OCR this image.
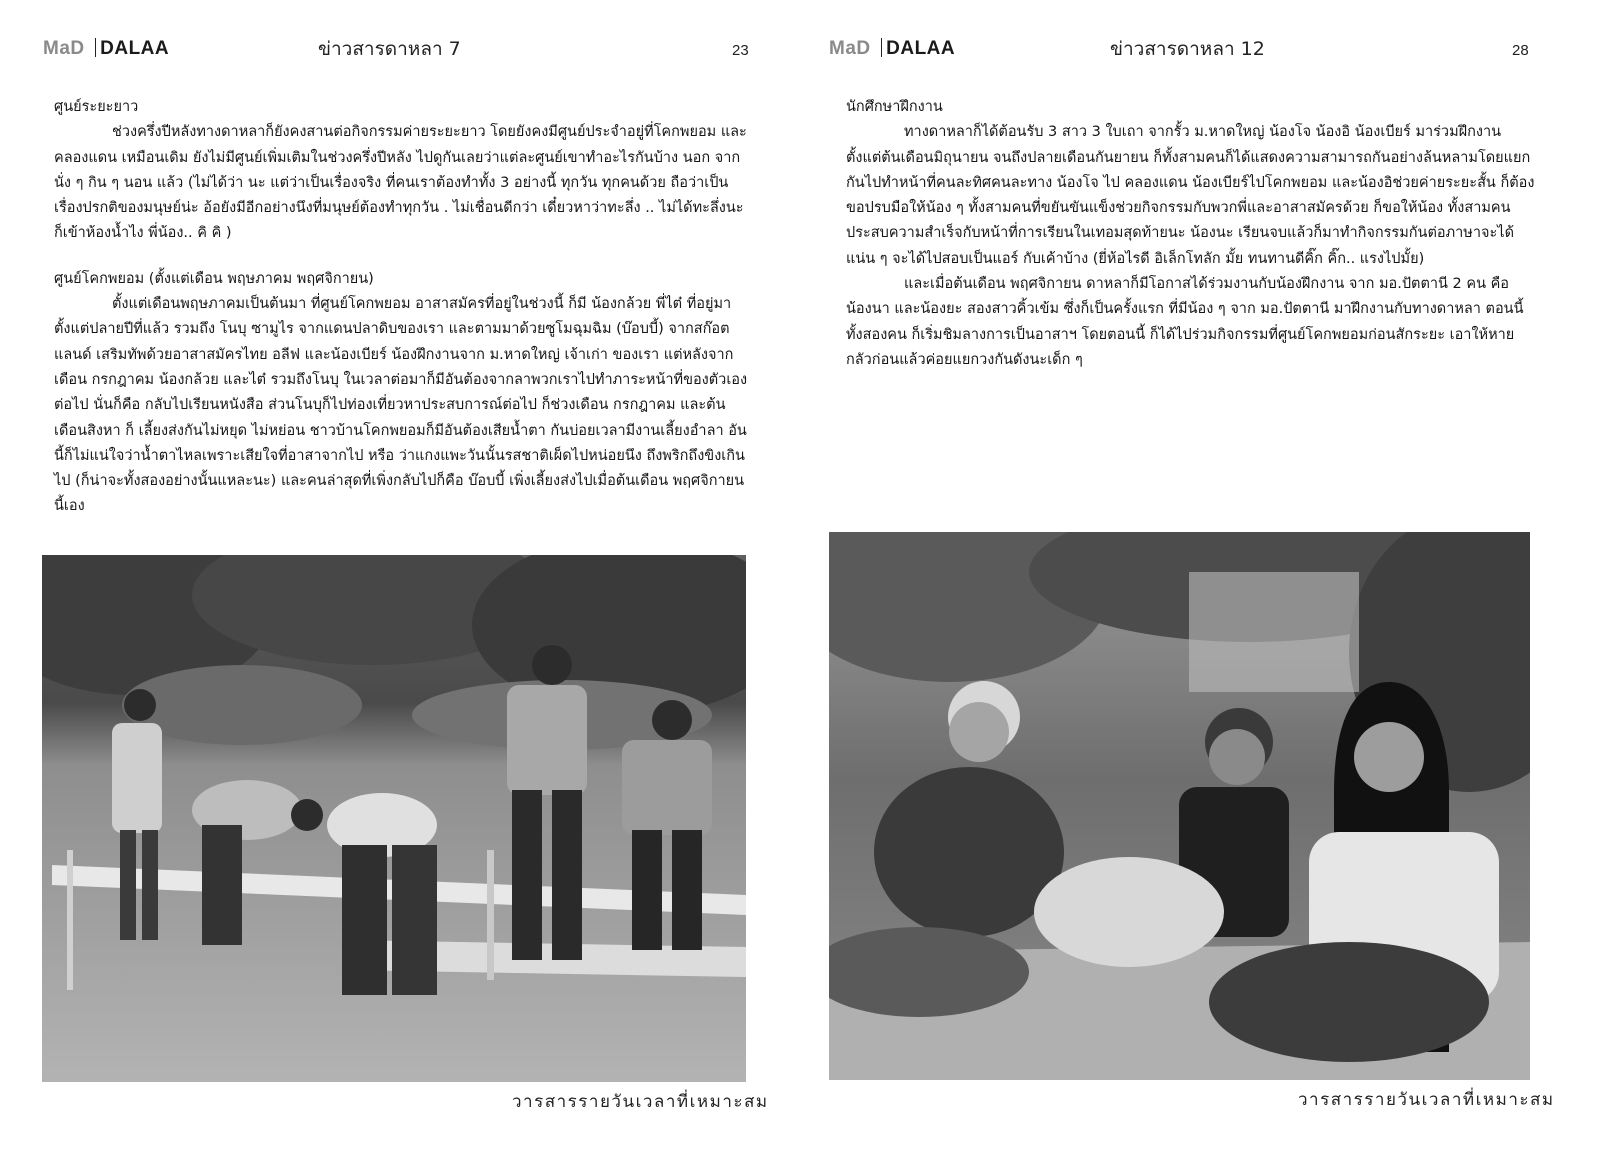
MaD DALAA	ข่าวสารดาหลา 7	23

ศูนย์ระยะยาว

ช่วงครึ่งปีหลังทางดาหลาก็ยังคงสานต่อกิจกรรมค่ายระยะยาว โดยยังคงมีศูนย์ประจำอยู่ที่โคกพยอม และคลองแดน เหมือนเดิม ยังไม่มีศูนย์เพิ่มเติมในช่วงครึ่งปีหลัง ไปดูกันเลยว่าแต่ละศูนย์เขาทำอะไรกันบ้าง นอก จาก นั่ง ๆ กิน ๆ นอน แล้ว (ไม่ได้ว่า นะ แต่ว่าเป็นเรื่องจริง ที่คนเราต้องทำทั้ง 3 อย่างนี้ ทุกวัน ทุกคนด้วย ถือว่าเป็นเรื่องปรกติของมนุษย์น่ะ อ้อยังมีอีกอย่างนึงที่มนุษย์ต้องทำทุกวัน . ไม่เชื่อนดีกว่า เดี๋ยวหาว่าทะลึ่ง .. ไม่ได้ทะลึ่งนะ ก็เข้าห้องน้ำไง พี่น้อง.. คิ คิ )

ศูนย์โคกพยอม (ตั้งแต่เดือน พฤษภาคม พฤศจิกายน)

ตั้งแต่เดือนพฤษภาคมเป็นต้นมา ที่ศูนย์โคกพยอม อาสาสมัครที่อยู่ในช่วงนี้ ก็มี น้องกล้วย พี่ไต๋ ที่อยู่มาตั้งแต่ปลายปีที่แล้ว รวมถึง โนบุ ซามูไร จากแดนปลาดิบของเรา และตามมาด้วยซูโมฉุมฉิม (บ๊อบบี้) จากสก๊อตแลนด์ เสริมทัพด้วยอาสาสมัครไทย อลีฟ และน้องเบียร์ น้องฝึกงานจาก ม.หาดใหญ่ เจ้าเก่า ของเรา แต่หลังจากเดือน กรกฎาคม น้องกล้วย และไต๋ รวมถึงโนบุ ในเวลาต่อมาก็มีอันต้องจากลาพวกเราไปทำภาระหน้าที่ของตัวเอง ต่อไป นั่นก็คือ กลับไปเรียนหนังสือ ส่วนโนบุก็ไปท่องเที่ยวหาประสบการณ์ต่อไป ก็ช่วงเดือน กรกฎาคม และต้นเดือนสิงหา ก็ เลี้ยงส่งกันไม่หยุด ไม่หย่อน ชาวบ้านโคกพยอมก็มีอันต้องเสียน้ำตา กันบ่อยเวลามีงานเลี้ยงอำลา อันนี้ก็ไม่แน่ใจว่าน้ำตาไหลเพราะเสียใจที่อาสาจากไป หรือ ว่าแกงแพะวันนั้นรสชาติเผ็ดไปหน่อยนึง ถึงพริกถึงขิงเกินไป (ก็น่าจะทั้งสองอย่างนั้นแหละนะ) และคนล่าสุดที่เพิ่งกลับไปก็คือ บ๊อบบี้ เพิ่งเลี้ยงส่งไปเมื่อต้นเดือน พฤศจิกายน นี้เอง

วารสารรายวันเวลาที่เหมาะสม
MaD DALAA	ข่าวสารดาหลา 12	28

นักศึกษาฝึกงาน

ทางดาหลาก็ได้ต้อนรับ 3 สาว 3 ใบเถา จากรั้ว ม.หาดใหญ่ น้องโจ น้องอิ น้องเบียร์ มาร่วมฝึกงานตั้งแต่ต้นเดือนมิถุนายน จนถึงปลายเดือนกันยายน ก็ทั้งสามคนก็ได้แสดงความสามารถกันอย่างล้นหลามโดยแยกกันไปทำหน้าที่คนละทิศคนละทาง น้องโจ ไป คลองแดน น้องเบียร์ไปโคกพยอม และน้องอิช่วยค่ายระยะสั้น ก็ต้องขอปรบมือให้น้อง ๆ ทั้งสามคนที่ขยันขันแข็งช่วยกิจกรรมกับพวกพี่และอาสาสมัครด้วย ก็ขอให้น้อง ทั้งสามคนประสบความสำเร็จกับหน้าที่การเรียนในเทอมสุดท้ายนะ น้องนะ เรียนจบแล้วก็มาทำกิจกรรมกันต่อภาษาจะได้แน่น ๆ จะได้ไปสอบเป็นแอร์ กับเค้าบ้าง (ยี่ห้อไรดี อิเล็กโทลัก มั้ย ทนทานดีคิ๊ก คิ๊ก.. แรงไปมั้ย)

และเมื่อต้นเดือน พฤศจิกายน ดาหลาก็มีโอกาสได้ร่วมงานกับน้องฝึกงาน จาก มอ.ปัตตานี 2 คน คือ น้องนา และน้องยะ สองสาวคิ้วเข้ม ซึ่งก็เป็นครั้งแรก ที่มีน้อง ๆ จาก มอ.ปัตตานี มาฝึกงานกับทางดาหลา ตอนนี้ ทั้งสองคน ก็เริ่มชิมลางการเป็นอาสาฯ โดยตอนนี้ ก็ได้ไปร่วมกิจกรรมที่ศูนย์โคกพยอมก่อนสักระยะ เอาให้หายกลัวก่อนแล้วค่อยแยกวงกันดังนะเด็ก ๆ

วารสารรายวันเวลาที่เหมาะสม
